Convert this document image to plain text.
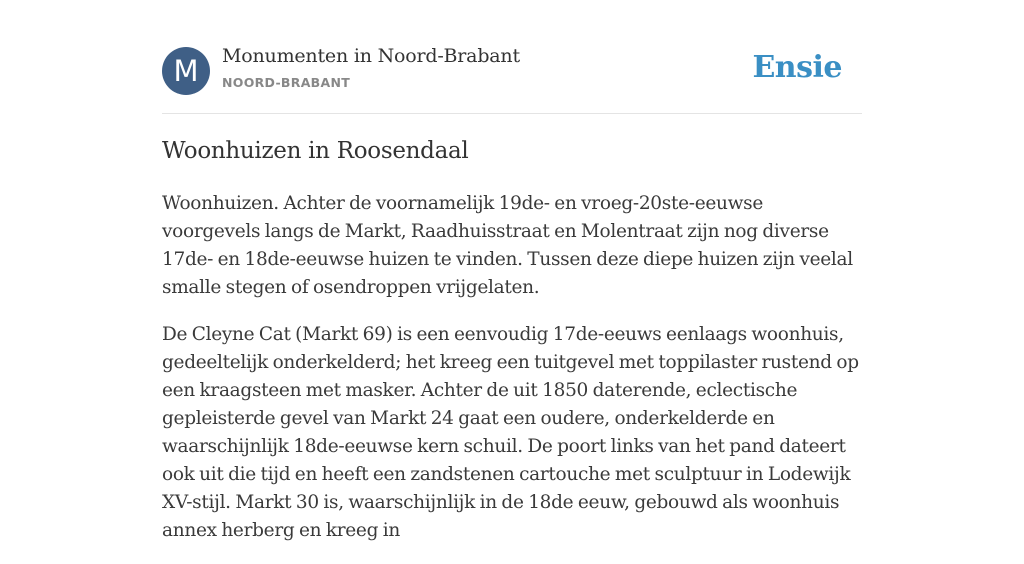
M	Monumenten in Noord-Brabant
NOORD-BRABANT	Ensie
Woonhuizen in Roosendaal

Woonhuizen. Achter de voornamelijk 19de- en vroeg-20ste-eeuwse voorgevels langs de Markt, Raadhuisstraat en Molentraat zijn nog diverse 17de- en 18de-eeuwse huizen te vinden. Tussen deze diepe huizen zijn veelal smalle stegen of osendroppen vrijgelaten.

De Cleyne Cat (Markt 69) is een eenvoudig 17de-eeuws eenlaags woonhuis, gedeeltelijk onderkelderd; het kreeg een tuitgevel met toppilaster rustend op een kraagsteen met masker. Achter de uit 1850 daterende, eclectische gepleisterde gevel van Markt 24 gaat een oudere, onderkelderde en waarschijnlijk 18de-eeuwse kern schuil. De poort links van het pand dateert ook uit die tijd en heeft een zandstenen cartouche met sculptuur in Lodewijk XV-stijl. Markt 30 is, waarschijnlijk in de 18de eeuw, gebouwd als woonhuis annex herberg en kreeg in
